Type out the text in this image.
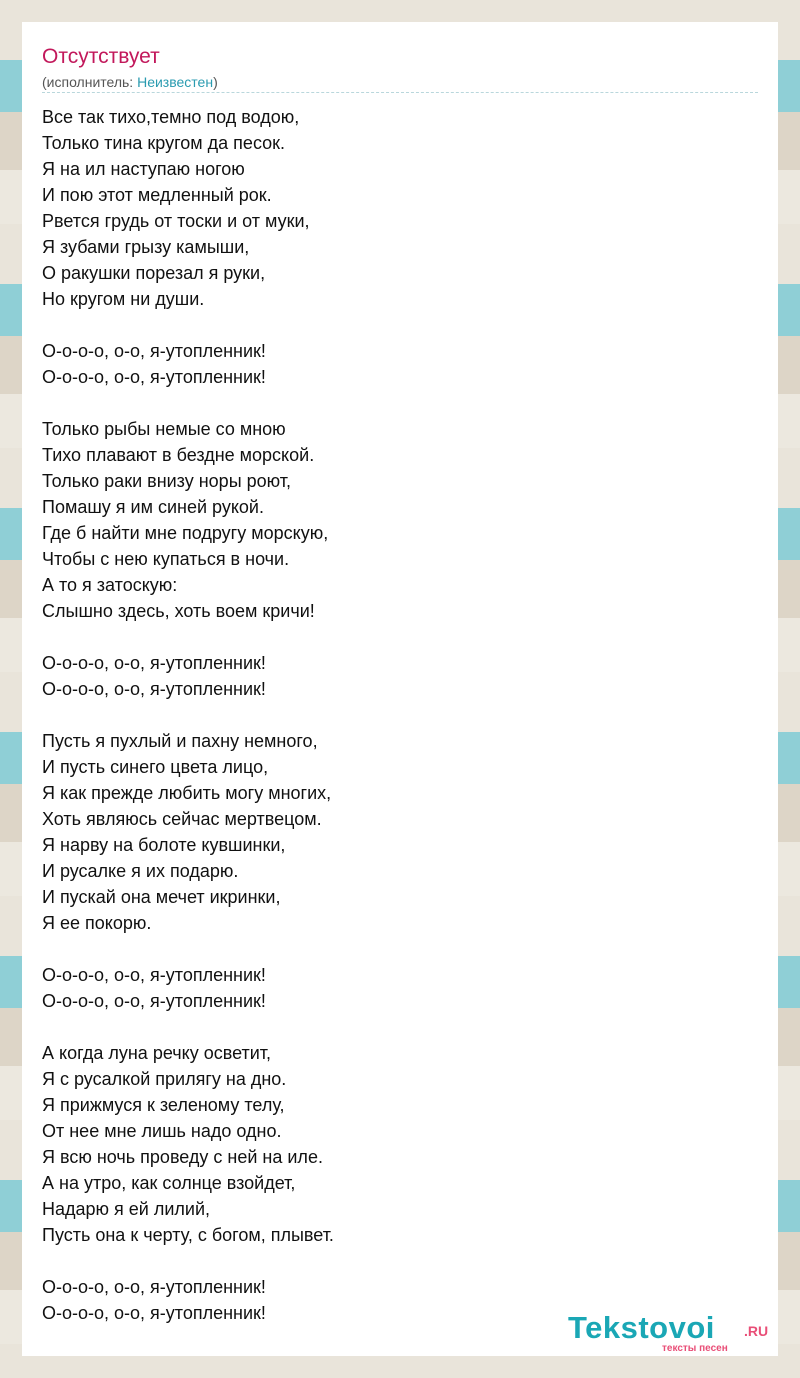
Отсутствует
(исполнитель: Неизвестен)
Все так тихо,темно под водою,
Только тина кругом да песок.
Я на ил наступаю ногою
И пою этот медленный рок.
Рвется грудь от тоски и от муки,
Я зубами грызу камыши,
О ракушки порезал я руки,
Но кругом ни души.

О-о-о-о, о-о, я-утопленник!
О-о-о-о, о-о, я-утопленник!

Только рыбы немые со мною
Тихо плавают в бездне морской.
Только раки внизу норы роют,
Помашу я им синей рукой.
Где б найти мне подругу морскую,
Чтобы с нею купаться в ночи.
А то я затоскую:
Слышно здесь, хоть воем кричи!

О-о-о-о, о-о, я-утопленник!
О-о-о-о, о-о, я-утопленник!

Пусть я пухлый и пахну немного,
И пусть синего цвета лицо,
Я как прежде любить могу многих,
Хоть являюсь сейчас мертвецом.
Я нарву на болоте кувшинки,
И русалке я их подарю.
И пускай она мечет икринки,
Я ее покорю.

О-о-о-о, о-о, я-утопленник!
О-о-о-о, о-о, я-утопленник!

А когда луна речку осветит,
Я с русалкой прилягу на дно.
Я прижмуся к зеленому телу,
От нее мне лишь надо одно.
Я всю ночь проведу с ней на иле.
А на утро, как солнце взойдет,
Надарю я ей лилий,
Пусть она к черту, с богом, плывет.

О-о-о-о, о-о, я-утопленник!
О-о-о-о, о-о, я-утопленник!	Tekstovoi .RU
тексты песен
